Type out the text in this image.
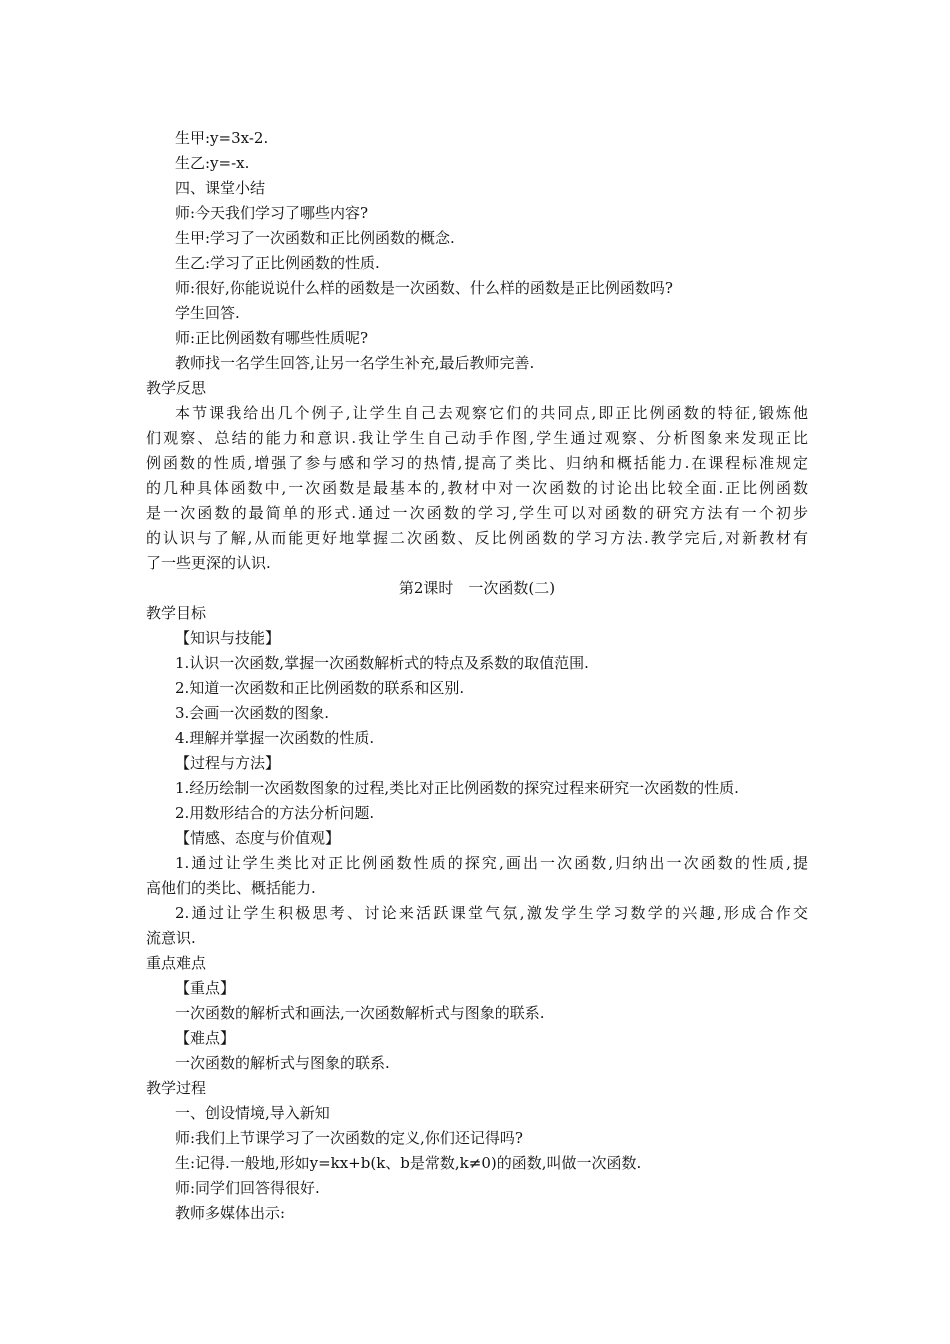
生甲:y=3x-2.
生乙:y=-x.
四、课堂小结
师:今天我们学习了哪些内容?
生甲:学习了一次函数和正比例函数的概念.
生乙:学习了正比例函数的性质.
师:很好,你能说说什么样的函数是一次函数、什么样的函数是正比例函数吗?
学生回答.
师:正比例函数有哪些性质呢?
教师找一名学生回答,让另一名学生补充,最后教师完善.
教学反思
本节课我给出几个例子,让学生自己去观察它们的共同点,即正比例函数的特征,锻炼他
们观察、总结的能力和意识.我让学生自己动手作图,学生通过观察、分析图象来发现正比
例函数的性质,增强了参与感和学习的热情,提高了类比、归纳和概括能力.在课程标准规定
的几种具体函数中,一次函数是最基本的,教材中对一次函数的讨论出比较全面.正比例函数
是一次函数的最简单的形式.通过一次函数的学习,学生可以对函数的研究方法有一个初步
的认识与了解,从而能更好地掌握二次函数、反比例函数的学习方法.教学完后,对新教材有
了一些更深的认识.
第2课时　一次函数(二)
教学目标
【知识与技能】
1.认识一次函数,掌握一次函数解析式的特点及系数的取值范围.
2.知道一次函数和正比例函数的联系和区别.
3.会画一次函数的图象.
4.理解并掌握一次函数的性质.
【过程与方法】
1.经历绘制一次函数图象的过程,类比对正比例函数的探究过程来研究一次函数的性质.
2.用数形结合的方法分析问题.
【情感、态度与价值观】
1.通过让学生类比对正比例函数性质的探究,画出一次函数,归纳出一次函数的性质,提
高他们的类比、概括能力.
2.通过让学生积极思考、讨论来活跃课堂气氛,激发学生学习数学的兴趣,形成合作交
流意识.
重点难点
【重点】
一次函数的解析式和画法,一次函数解析式与图象的联系.
【难点】
一次函数的解析式与图象的联系.
教学过程
一、创设情境,导入新知
师:我们上节课学习了一次函数的定义,你们还记得吗?
生:记得.一般地,形如y=kx+b(k、b是常数,k≠0)的函数,叫做一次函数.
师:同学们回答得很好.
教师多媒体出示:
